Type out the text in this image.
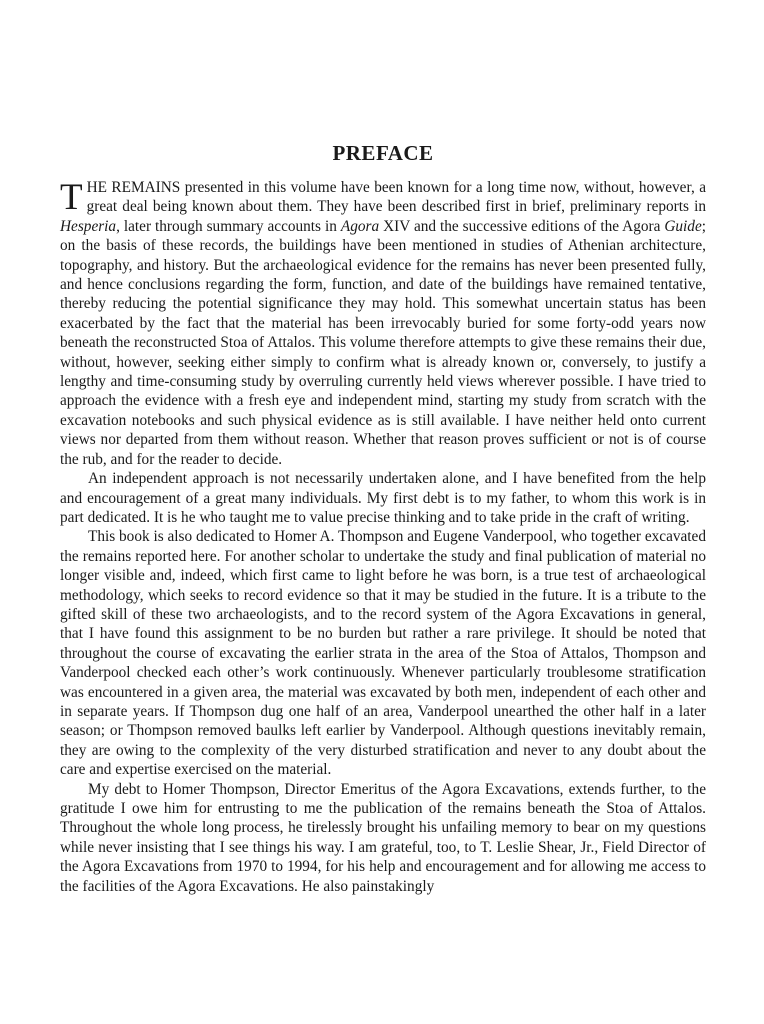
PREFACE

THE REMAINS presented in this volume have been known for a long time now, without, however, a great deal being known about them. They have been described first in brief, preliminary reports in Hesperia, later through summary accounts in Agora XIV and the successive editions of the Agora Guide; on the basis of these records, the buildings have been mentioned in studies of Athenian architecture, topography, and history. But the archaeological evidence for the remains has never been presented fully, and hence conclusions regarding the form, function, and date of the buildings have remained tentative, thereby reducing the potential significance they may hold. This somewhat uncertain status has been exacerbated by the fact that the material has been irrevocably buried for some forty-odd years now beneath the reconstructed Stoa of Attalos. This volume therefore attempts to give these remains their due, without, however, seeking either simply to confirm what is already known or, conversely, to justify a lengthy and time-consuming study by overruling currently held views wherever possible. I have tried to approach the evidence with a fresh eye and independent mind, starting my study from scratch with the excavation notebooks and such physical evidence as is still available. I have neither held onto current views nor departed from them without reason. Whether that reason proves sufficient or not is of course the rub, and for the reader to decide.

An independent approach is not necessarily undertaken alone, and I have benefited from the help and encouragement of a great many individuals. My first debt is to my father, to whom this work is in part dedicated. It is he who taught me to value precise thinking and to take pride in the craft of writing.

This book is also dedicated to Homer A. Thompson and Eugene Vanderpool, who together excavated the remains reported here. For another scholar to undertake the study and final publication of material no longer visible and, indeed, which first came to light before he was born, is a true test of archaeological methodology, which seeks to record evidence so that it may be studied in the future. It is a tribute to the gifted skill of these two archaeologists, and to the record system of the Agora Excavations in general, that I have found this assignment to be no burden but rather a rare privilege. It should be noted that throughout the course of excavating the earlier strata in the area of the Stoa of Attalos, Thompson and Vanderpool checked each other’s work continuously. Whenever particularly troublesome stratification was encountered in a given area, the material was excavated by both men, independent of each other and in separate years. If Thompson dug one half of an area, Vanderpool unearthed the other half in a later season; or Thompson removed baulks left earlier by Vanderpool. Although questions inevitably remain, they are owing to the complexity of the very disturbed stratification and never to any doubt about the care and expertise exercised on the material.

My debt to Homer Thompson, Director Emeritus of the Agora Excavations, extends further, to the gratitude I owe him for entrusting to me the publication of the remains beneath the Stoa of Attalos. Throughout the whole long process, he tirelessly brought his unfailing memory to bear on my questions while never insisting that I see things his way. I am grateful, too, to T. Leslie Shear, Jr., Field Director of the Agora Excavations from 1970 to 1994, for his help and encouragement and for allowing me access to the facilities of the Agora Excavations. He also painstakingly
